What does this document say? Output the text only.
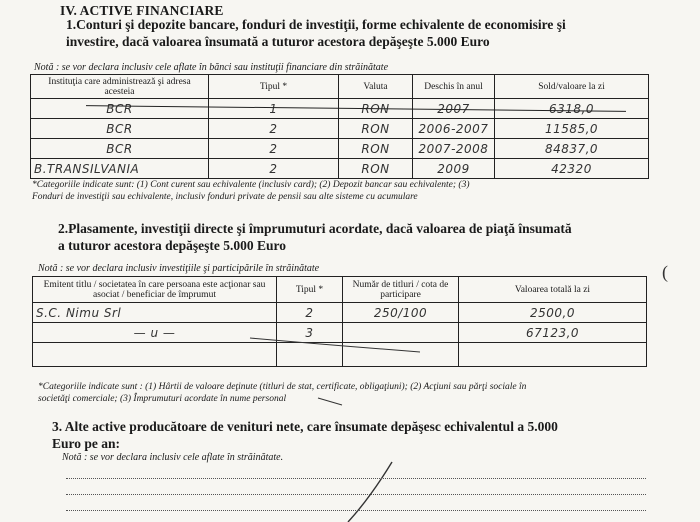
IV. ACTIVE FINANCIARE
1.Conturi şi depozite bancare, fonduri de investiţii, forme echivalente de economisire şi
investire, dacă valoarea însumată a tuturor acestora depăşeşte 5.000 Euro
Notă : se vor declara inclusiv cele aflate în bănci sau instituţii financiare din străinătate
Instituţia care administrează şi adresa acesteia	Tipul *	Valuta	Deschis în anul	Sold/valoare la zi
BCR	1			6318,0
BCR	2	RON	2006-2007	11585,0
BCR	2	RON	2007-2008	84837,0
B.TRANSILVANIA	2	RON	2009	42320
*Categoriile indicate sunt: (1) Cont curent sau echivalente (inclusiv card); (2) Depozit bancar sau echivalente; (3)
Fonduri de investiţii sau echivalente, inclusiv fonduri private de pensii sau alte sisteme cu acumulare
2.Plasamente, investiţii directe şi împrumuturi acordate, dacă valoarea de piaţă însumată
a tuturor acestora depăşeşte 5.000 Euro
(
Notă : se vor declara inclusiv investiţiile şi participările în străinătate
Emitent titlu / societatea în care persoana este acţionar sau asociat / beneficiar de împrumut	Tipul *	Număr de titluri / cota de participare	Valoarea totală la zi
S.C. Nimu Srl	2	250/100	2500,0
— u —	3		67123,0

*Categoriile indicate sunt : (1) Hârtii de valoare deţinute (titluri de stat, certificate, obligaţiuni); (2) Acţiuni sau părţi sociale în
societăţi comerciale; (3) Împrumuturi acordate în nume personal
3. Alte active producătoare de venituri nete, care însumate depăşesc echivalentul a 5.000
Euro pe an:
Notă : se vor declara inclusiv cele aflate în străinătate.
